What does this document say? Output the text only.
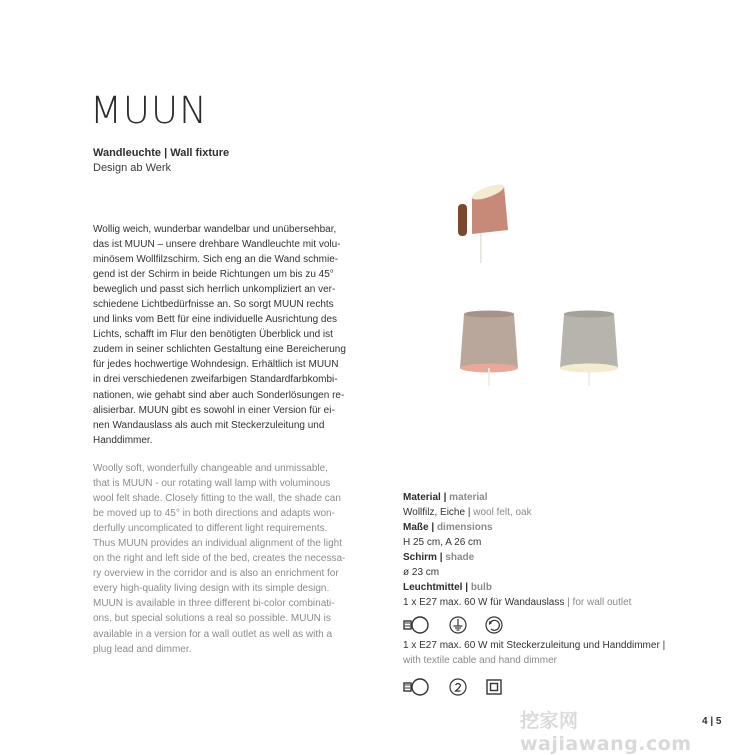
MUUN
Wandleuchte | Wall fixture
Design ab Werk
Wollig weich, wunderbar wandelbar und unübersehbar,
das ist MUUN – unsere drehbare Wandleuchte mit volu-
minösem Wollfilzschirm. Sich eng an die Wand schmie-
gend ist der Schirm in beide Richtungen um bis zu 45°
beweglich und passt sich herrlich unkompliziert an ver-
schiedene Lichtbedürfnisse an. So sorgt MUUN rechts
und links vom Bett für eine individuelle Ausrichtung des
Lichts, schafft im Flur den benötigten Überblick und ist
zudem in seiner schlichten Gestaltung eine Bereicherung
für jedes hochwertige Wohndesign. Erhältlich ist MUUN
in drei verschiedenen zweifarbigen Standardfarbkombi-
nationen, wie gehabt sind aber auch Sonderlösungen re-
alisierbar. MUUN gibt es sowohl in einer Version für ei-
nen Wandauslass als auch mit Steckerzuleitung und
Handdimmer.
Woolly soft, wonderfully changeable and unmissable,
that is MUUN - our rotating wall lamp with voluminous
wool felt shade. Closely fitting to the wall, the shade can
be moved up to 45° in both directions and adapts won-
derfully uncomplicated to different light requirements.
Thus MUUN provides an individual alignment of the light
on the right and left side of the bed, creates the necessa-
ry overview in the corridor and is also an enrichment for
every high-quality living design with its simple design.
MUUN is available in three different bi-color combinati-
ons, but special solutions a real so possible. MUUN is
available in a version for a wall outlet as well as with a
plug lead and dimmer.
Material | material
Wollfilz, Eiche | wool felt, oak
Maße | dimensions
H 25 cm, A 26 cm
Schirm | shade
ø 23 cm
Leuchtmittel | bulb
1 x E27 max. 60 W für Wandauslass | for wall outlet
1 x E27 max. 60 W mit Steckerzuleitung und Handdimmer |
with textile cable and hand dimmer
挖家网 wajiawang.com
4 | 5
